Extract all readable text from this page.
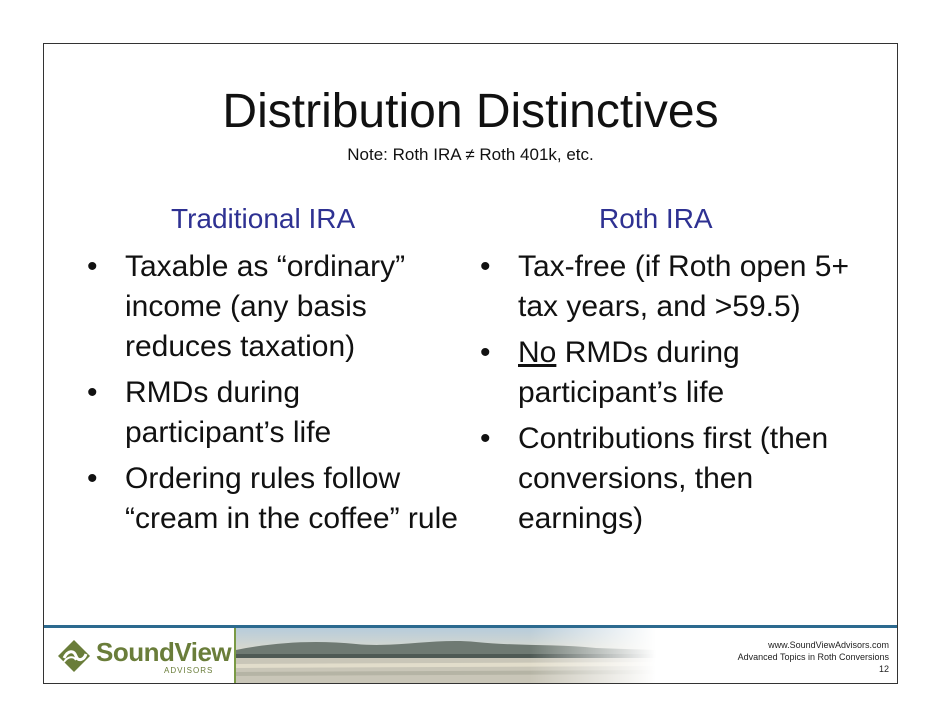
Distribution Distinctives
Note: Roth IRA ≠ Roth 401k, etc.
Traditional IRA
• Taxable as “ordinary” income (any basis reduces taxation)
• RMDs during participant’s life
• Ordering rules follow “cream in the coffee” rule
Roth IRA
• Tax-free (if Roth open 5+ tax years, and >59.5)
• No RMDs during participant’s life
• Contributions first (then conversions, then earnings)
SoundView
ADVISORS
www.SoundViewAdvisors.com
Advanced Topics in Roth Conversions
12
